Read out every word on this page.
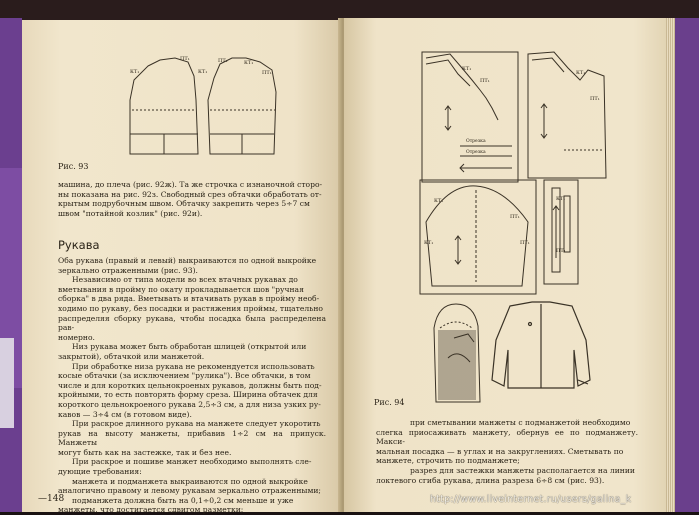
КТ₁
ПТ₁
КТ₁
ПТ₁	КТ₁
ПТ₁
Рис. 93

машина, до плеча (рис. 92ж). Та же строчка с изнаночной сторо-

ны показана на рис. 92з. Свободный срез обтачки обработать от-

крытым подрубочным швом. Обтачку закрепить через 5÷7 см

швом "потайной козлик" (рис. 92и).

Рукава

Оба рукава (правый и левый) выкраиваются по одной выкройке

зеркально отраженными (рис. 93).

Независимо от типа модели во всех втачных рукавах до

вметывания в пройму по окату прокладывается шов "ручная

сборка" в два ряда. Вметывать и втачивать рукав в пройму необ-

ходимо по рукаву, без посадки и растяжения проймы, тщательно

распределяя сборку рукава, чтобы посадка была распределена рав-

номерно.

Низ рукава может быть обработан шлицей (открытой или

закрытой), обтачкой или манжетой.

При обработке низа рукава не рекомендуется использовать

косые обтачки (за исключением "рулика"). Все обтачки, в том

числе и для коротких цельнокроеных рукавов, должны быть под-

кройными, то есть повторять форму среза. Ширина обтачек для

короткого цельнокроеного рукава 2,5÷3 см, а для низа узких ру-

кавов — 3÷4 см (в готовом виде).

При раскрое длинного рукава на манжете следует укоротить

рукав на высоту манжеты, прибавив 1÷2 см на припуск. Манжеты

могут быть как на застежке, так и без нее.

При раскрое и пошиве манжет необходимо выполнять сле-

дующие требования:

манжета и подманжета выкраиваются по одной выкройке

аналогично правому и левому рукавам зеркально отраженными;

подманжета должна быть на 0,1÷0,2 см меньше и уже

манжеты, что достигается сдвигом разметки;

—148
КТ₁
ПТ₁
КТ₁
ПТ₁
Отрезка
Отрезка
КТ₁
ПТ₁
КТ₁	ПТ₁
КТ₁
ПТ₁
Рис. 94

при сметывании манжеты с подманжетой необходимо

слегка приосаживать манжету, обернув ее по подманжету. Макси-

мальная посадка — в углах и на закруглениях. Сметывать по

манжете, строчить по подманжете;

разрез для застежки манжеты располагается на линии

локтевого сгиба рукава, длина разреза 6÷8 см (рис. 93).

http://www.liveinternet.ru/users/galina_k
